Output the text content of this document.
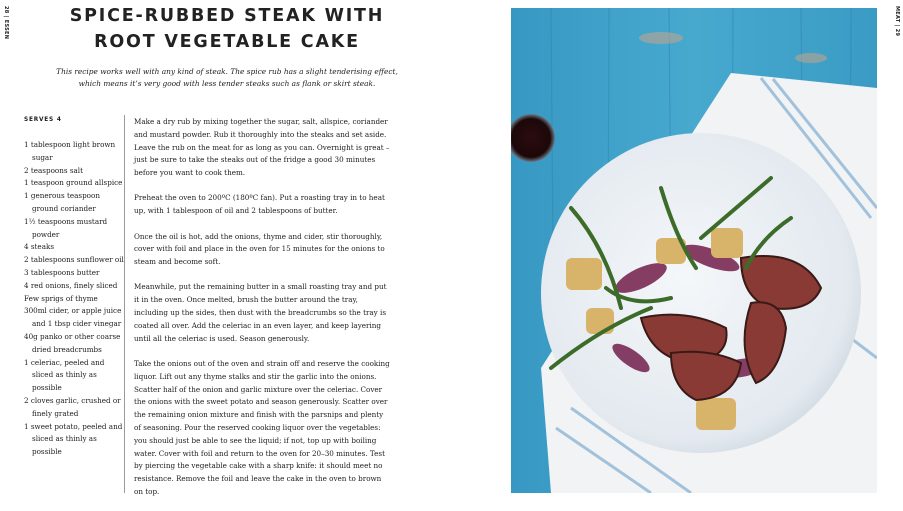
28 | ESSEN	SPICE-RUBBED STEAK WITH
ROOT VEGETABLE CAKE

This recipe works well with any kind of steak. The spice rub has a slight tenderising effect,
which means it’s very good with less tender steaks such as flank or skirt steak.

SERVES 4

1 tablespoon light brown sugar
2 teaspoons salt
1 teaspoon ground allspice
1 generous teaspoon ground coriander
1½ teaspoons mustard powder
4 steaks
2 tablespoons sunflower oil
3 tablespoons butter
4 red onions, finely sliced
Few sprigs of thyme
300ml cider, or apple juice and 1 tbsp cider vinegar
40g panko or other coarse dried breadcrumbs
1 celeriac, peeled and sliced as thinly as possible
2 cloves garlic, crushed or finely grated
1 sweet potato, peeled and sliced as thinly as possible

Make a dry rub by mixing together the sugar, salt, allspice, coriander and mustard powder. Rub it thoroughly into the steaks and set aside. Leave the rub on the meat for as long as you can. Overnight is great – just be sure to take the steaks out of the fridge a good 30 minutes before you want to cook them.

Preheat the oven to 200ºC (180ºC fan). Put a roasting tray in to heat up, with 1 tablespoon of oil and 2 tablespoons of butter.

Once the oil is hot, add the onions, thyme and cider, stir thoroughly, cover with foil and place in the oven for 15 minutes for the onions to steam and become soft.

Meanwhile, put the remaining butter in a small roasting tray and put it in the oven. Once melted, brush the butter around the tray, including up the sides, then dust with the breadcrumbs so the tray is coated all over. Add the celeriac in an even layer, and keep layering until all the celeriac is used. Season generously.

Take the onions out of the oven and strain off and reserve the cooking liquor. Lift out any thyme stalks and stir the garlic into the onions. Scatter half of the onion and garlic mixture over the celeriac. Cover the onions with the sweet potato and season generously. Scatter over the remaining onion mixture and finish with the parsnips and plenty of seasoning. Pour the reserved cooking liquor over the vegetables: you should just be able to see the liquid; if not, top up with boiling water. Cover with foil and return to the oven for 20–30 minutes. Test by piercing the vegetable cake with a sharp knife: it should meet no resistance. Remove the foil and leave the cake in the oven to brown on top.

MEAT | 29
